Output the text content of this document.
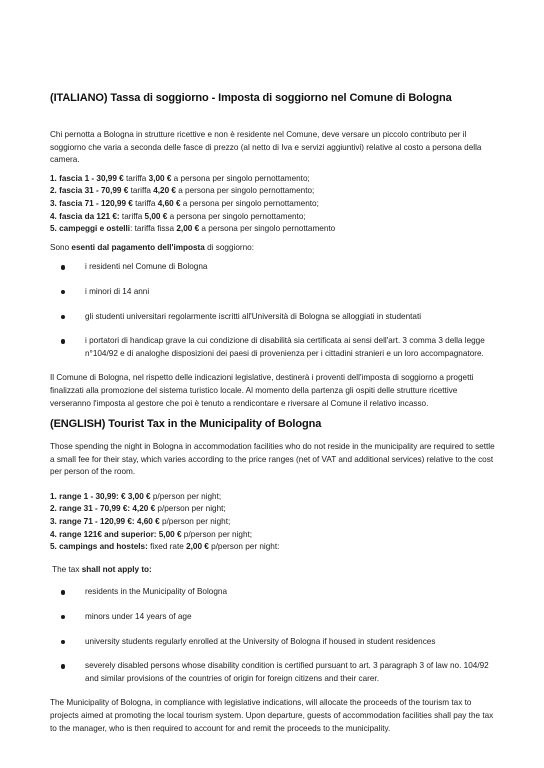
(ITALIANO) Tassa di soggiorno - Imposta di soggiorno nel Comune di Bologna

Chi pernotta a Bologna in strutture ricettive e non è residente nel Comune, deve versare un piccolo contributo per il soggiorno che varia a seconda delle fasce di prezzo (al netto di Iva e servizi aggiuntivi) relative al costo a persona della camera.

1. fascia 1 - 30,99 € tariffa 3,00 € a persona per singolo pernottamento;
2. fascia 31 - 70,99 € tariffa 4,20 € a persona per singolo pernottamento;
3. fascia 71 - 120,99 € tariffa 4,60 € a persona per singolo pernottamento;
4. fascia da 121 €: tariffa 5,00 € a persona per singolo pernottamento;
5. campeggi e ostelli: tariffa fissa 2,00 € a persona per singolo pernottamento

Sono esenti dal pagamento dell'imposta di soggiorno:

i residenti nel Comune di Bologna
i minori di 14 anni
gli studenti universitari regolarmente iscritti all'Università di Bologna se alloggiati in studentati
i portatori di handicap grave la cui condizione di disabilità sia certificata ai sensi dell'art. 3 comma 3 della legge n°104/92 e di analoghe disposizioni dei paesi di provenienza per i cittadini stranieri e un loro accompagnatore.

Il Comune di Bologna, nel rispetto delle indicazioni legislative, destinerà i proventi dell'imposta di soggiorno a progetti finalizzati alla promozione del sistema turistico locale. Al momento della partenza gli ospiti delle strutture ricettive verseranno l'imposta al gestore che poi è tenuto a rendicontare e riversare al Comune il relativo incasso.

(ENGLISH) Tourist Tax in the Municipality of Bologna

Those spending the night in Bologna in accommodation facilities who do not reside in the municipality are required to settle a small fee for their stay, which varies according to the price ranges (net of VAT and additional services) relative to the cost per person of the room.

1. range 1 - 30,99: € 3,00 € p/person per night;
2. range 31 - 70,99 €: 4,20 € p/person per night;
3. range 71 - 120,99 €: 4,60 € p/person per night;
4. range 121€ and superior: 5,00 € p/person per night;
5. campings and hostels: fixed rate 2,00 € p/person per night:

The tax shall not apply to:

residents in the Municipality of Bologna
minors under 14 years of age
university students regularly enrolled at the University of Bologna if housed in student residences
severely disabled persons whose disability condition is certified pursuant to art. 3 paragraph 3 of law no. 104/92 and similar provisions of the countries of origin for foreign citizens and their carer.

The Municipality of Bologna, in compliance with legislative indications, will allocate the proceeds of the tourism tax to projects aimed at promoting the local tourism system. Upon departure, guests of accommodation facilities shall pay the tax to the manager, who is then required to account for and remit the proceeds to the municipality.
